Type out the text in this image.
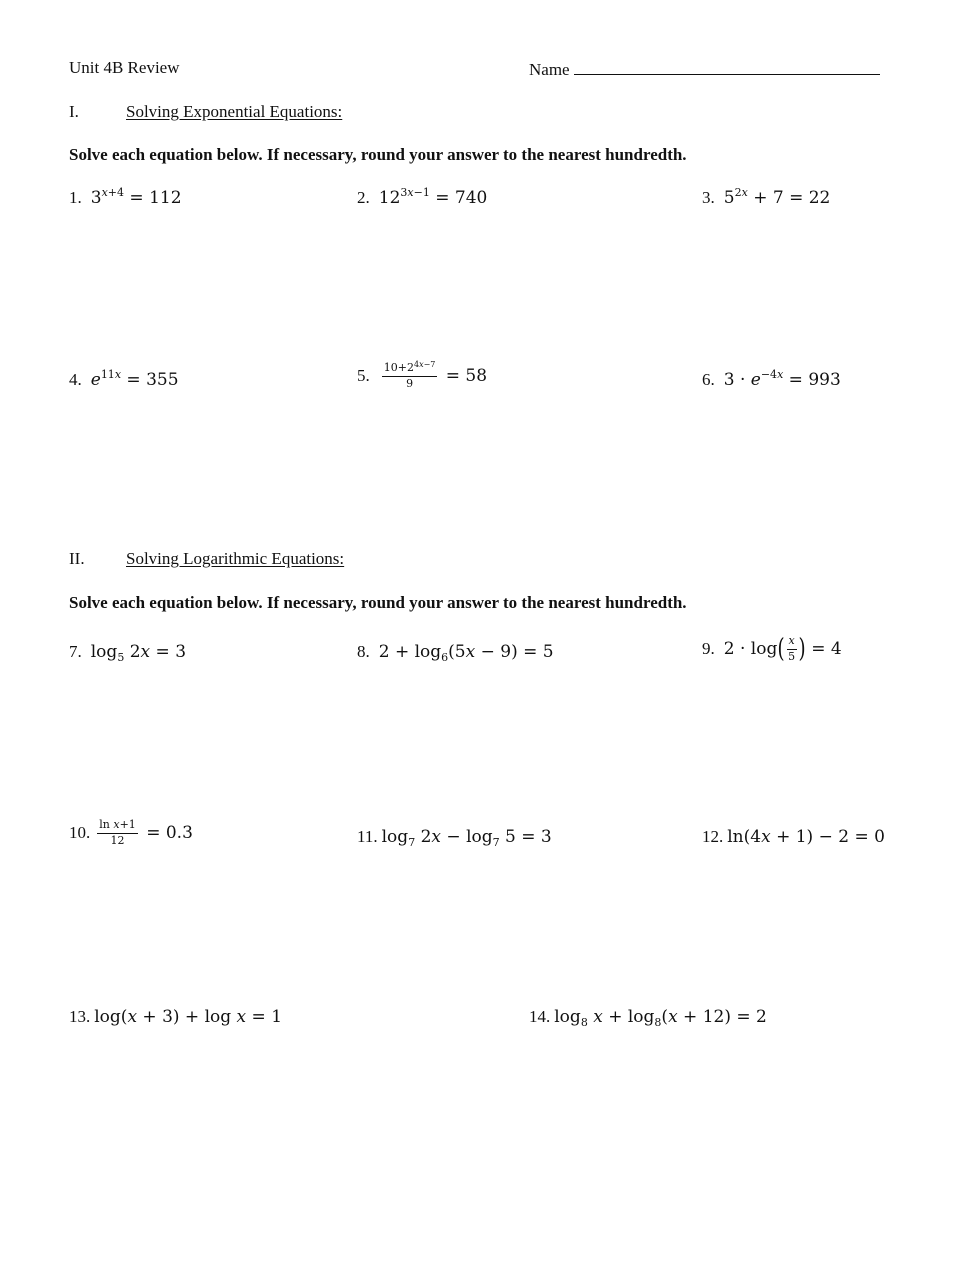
Unit 4B Review	Name
I.	Solving Exponential Equations:
Solve each equation below. If necessary, round your answer to the nearest hundredth.
1. $3^{x+4} = 112$	2. $12^{3x-1} = 740$	3. $5^{2x} + 7 = 22$
4. $e^{11x} = 355$	5. $\frac{10+2^{4x-7}}{9} = 58$	6. $3 \cdot e^{-4x} = 993$
II. Solving Logarithmic Equations:
Solve each equation below. If necessary, round your answer to the nearest hundredth.
7. $\log_5 2x = 3$	8. $2 + \log_6(5x - 9) = 5$	9. $2 \cdot \log( \frac{x}{5}$ ) = 4
10. $\frac{\text{ln x+1}}{12} = 0.3$	11. $\log_7 2x - \log_7 5 = 3$	12. ln(4x + 1) − 2 = 0
13. log(x + 3) + log x = 1	14. $\log_8 x + \log_8(x + 12) = 2$
